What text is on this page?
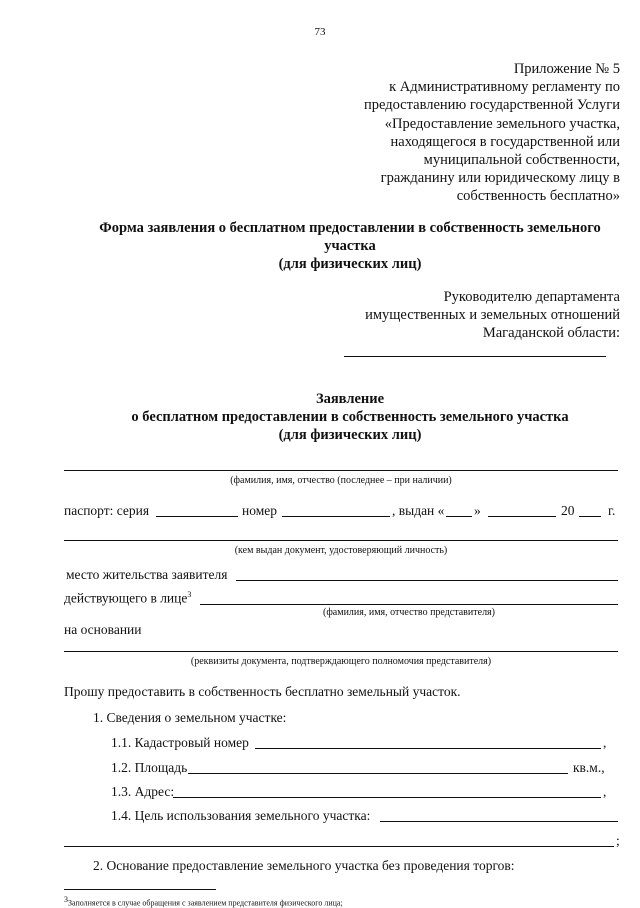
73
Приложение № 5
к Административному регламенту по
предоставлению государственной Услуги
«Предоставление земельного участка,
находящегося в государственной или
муниципальной собственности,
гражданину или юридическому лицу в
собственность бесплатно»
Форма заявления о бесплатном предоставлении в собственность земельного
участка
(для физических лиц)
Руководителю департамента
имущественных и земельных отношений
Магаданской области:
Заявление
о бесплатном предоставлении в собственность земельного участка
(для физических лиц)
(фамилия, имя, отчество (последнее – при наличии)
паспорт: серия	номер	, выдан « »	20 г.
(кем выдан документ, удостоверяющий личность)
место жительства заявителя
действующего в лице$^3$
(фамилия, имя, отчество представителя)
на основании
(реквизиты документа, подтверждающего полномочия представителя)
Прошу предоставить в собственность бесплатно земельный участок.
1. Сведения о земельном участке:
1.1. Кадастровый номер	,
1.2. Площадь	кв.м.,
1.3. Адрес:	,
1.4. Цель использования земельного участка:
;
2. Основание предоставление земельного участка без проведения торгов:
$^3$Заполняется в случае обращения с заявлением представителя физического лица;
